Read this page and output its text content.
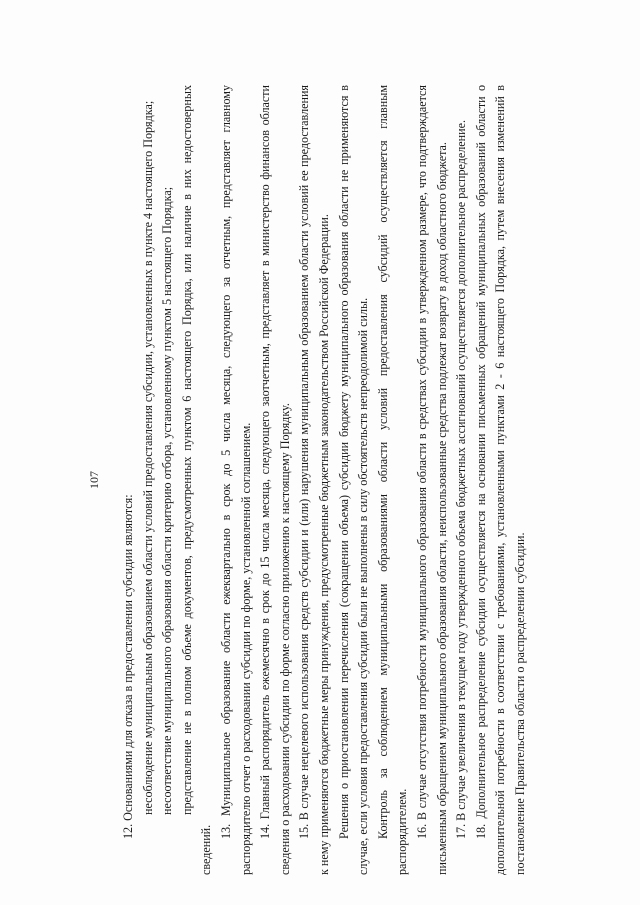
107

12. Основаниями для отказа в предоставлении субсидии являются: несоблюдение муниципальным образованием области условий предоставления субсидии, установленных в пункте 4 настоящего Порядка; несоответствие муниципального образования области критерию отбора, установленному пунктом 5 настоящего Порядка; представление не в полном объеме документов, предусмотренных пунктом 6 настоящего Порядка, или наличие в них недостоверных сведений.

13. Муниципальное образование области ежеквартально в срок до 5 числа месяца, следующего за отчетным, представляет главному распорядителю отчет о расходовании субсидии по форме, установленной соглашением. 14. Главный распорядитель ежемесячно в срок до 15 числа месяца, следующего заотчетным, представляет в министерство финансов области сведения о расходовании субсидии по форме согласно приложению к настоящему Порядку. 15. В случае нецелевого использования средств субсидии и (или) нарушения муниципальным образованием области условий ее предоставления к нему применяются бюджетные меры принуждения, предусмотренные бюджетным законодательством Российской Федерации. Решения о приостановлении перечисления (сокращении объема) субсидии бюджету муниципального образования области не применяются в случае, если условия предоставления субсидии были не выполнены в силу обстоятельств непреодолимой силы. Контроль за соблюдением муниципальными образованиями области условий предоставления субсидий осуществляется главным распорядителем. 16. В случае отсутствия потребности муниципального образования области в средствах субсидии в утвержденном размере, что подтверждается письменным обращением муниципального образования области, неиспользованные средства подлежат возврату в доход областного бюджета. 17. В случае увеличения в текущем году утвержденного объема бюджетных ассигнований осуществляется дополнительное распределение. 18. Дополнительное распределение субсидии осуществляется на основании письменных обращений муниципальных образований области о дополнительной потребности в соответствии с требованиями, установленными пунктами 2 - 6 настоящего Порядка, путем внесения изменений в постановление Правительства области о распределении субсидии.
